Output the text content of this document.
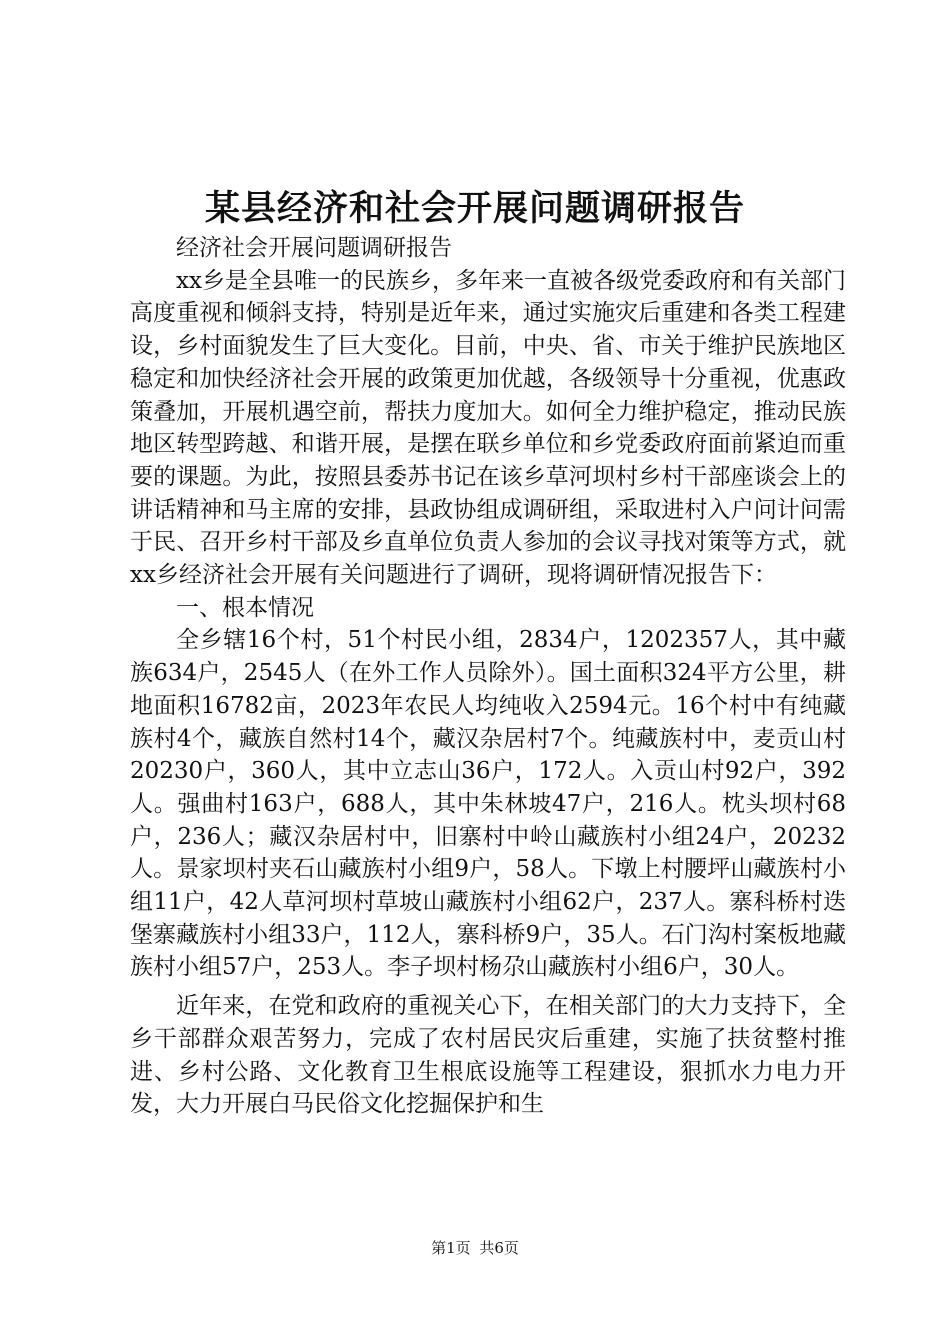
某县经济和社会开展问题调研报告

经济社会开展问题调研报告

xx乡是全县唯一的民族乡，多年来一直被各级党委政府和有关部门高度重视和倾斜支持，特别是近年来，通过实施灾后重建和各类工程建设，乡村面貌发生了巨大变化。目前，中央、省、市关于维护民族地区稳定和加快经济社会开展的政策更加优越，各级领导十分重视，优惠政策叠加，开展机遇空前，帮扶力度加大。如何全力维护稳定，推动民族地区转型跨越、和谐开展，是摆在联乡单位和乡党委政府面前紧迫而重要的课题。为此，按照县委苏书记在该乡草河坝村乡村干部座谈会上的讲话精神和马主席的安排，县政协组成调研组，采取进村入户问计问需于民、召开乡村干部及乡直单位负责人参加的会议寻找对策等方式，就xx乡经济社会开展有关问题进行了调研，现将调研情况报告下：

一、根本情况

全乡辖16个村，51个村民小组，2834户，1202357人，其中藏族634户，2545人（在外工作人员除外）。国土面积324平方公里，耕地面积16782亩，2023年农民人均纯收入2594元。16个村中有纯藏族村4个，藏族自然村14个，藏汉杂居村7个。纯藏族村中，麦贡山村20230户，360人，其中立志山36户，172人。入贡山村92户，392人。强曲村163户，688人，其中朱林坡47户，216人。枕头坝村68户，236人；藏汉杂居村中，旧寨村中岭山藏族村小组24户，20232人。景家坝村夹石山藏族村小组9户，58人。下墩上村腰坪山藏族村小组11户，42人草河坝村草坡山藏族村小组62户，237人。寨科桥村迭堡寨藏族村小组33户，112人，寨科桥9户，35人。石门沟村案板地藏族村小组57户，253人。李子坝村杨尕山藏族村小组6户，30人。

近年来，在党和政府的重视关心下，在相关部门的大力支持下，全乡干部群众艰苦努力，完成了农村居民灾后重建，实施了扶贫整村推进、乡村公路、文化教育卫生根底设施等工程建设，狠抓水力电力开发，大力开展白马民俗文化挖掘保护和生

第1页 共6页
